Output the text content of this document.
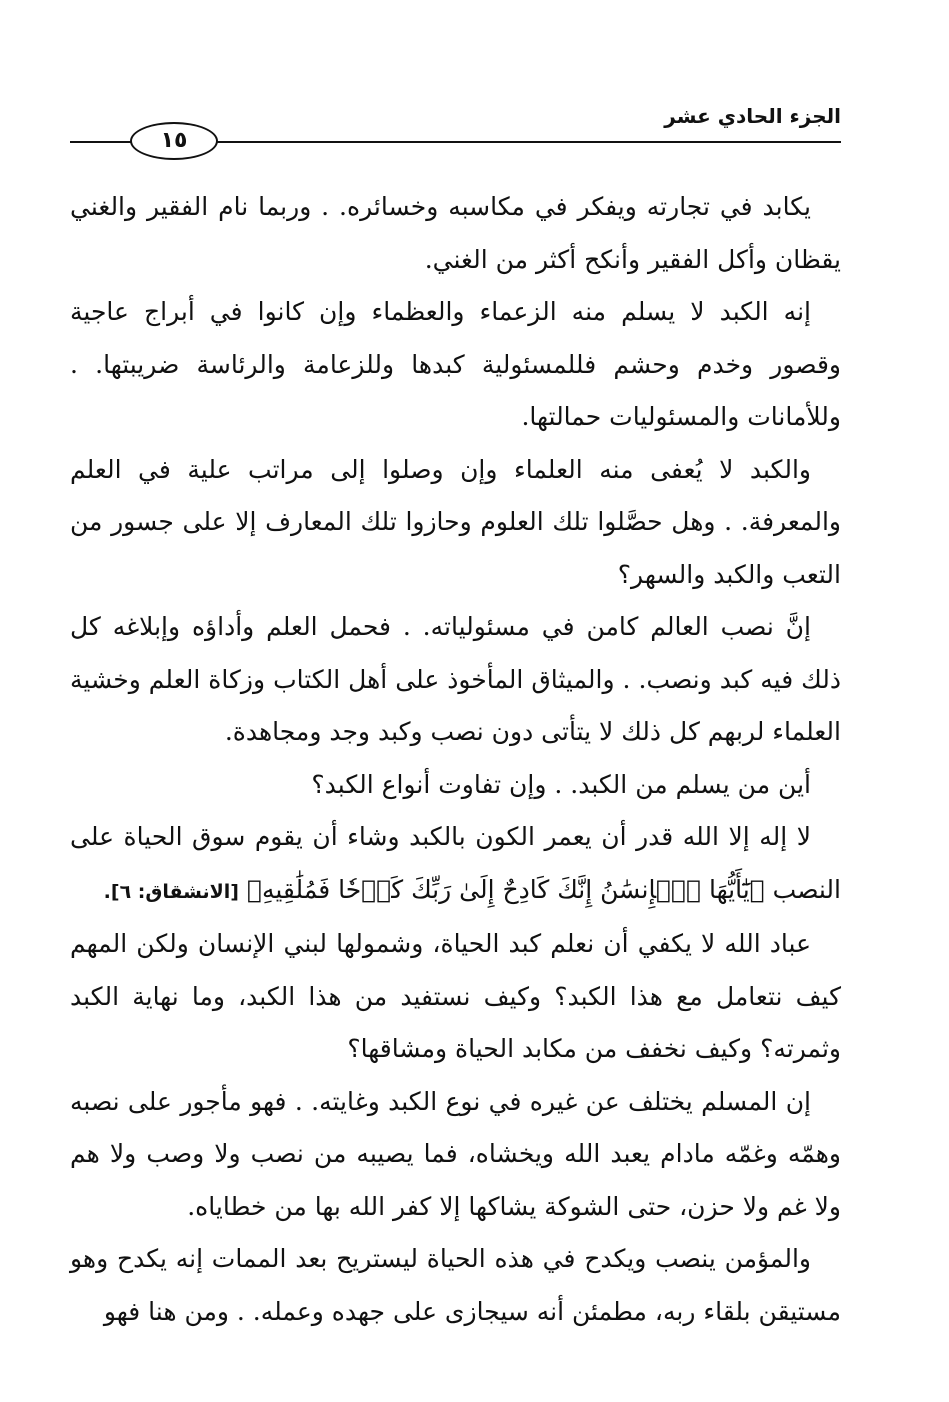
الجزء الحادي عشر
١٥

يكابد في تجارته ويفكر في مكاسبه وخسائره. . وربما نام الفقير والغني يقظان وأكل الفقير وأنكح أكثر من الغني.

إنه الكبد لا يسلم منه الزعماء والعظماء وإن كانوا في أبراج عاجية وقصور وخدم وحشم فللمسئولية كبدها وللزعامة والرئاسة ضريبتها. . وللأمانات والمسئوليات حمالتها.

والكبد لا يُعفى منه العلماء وإن وصلوا إلى مراتب علية في العلم والمعرفة. . وهل حصَّلوا تلك العلوم وحازوا تلك المعارف إلا على جسور من التعب والكبد والسهر؟

إنَّ نصب العالم كامن في مسئولياته. . فحمل العلم وأداؤه وإبلاغه كل ذلك فيه كبد ونصب. . والميثاق المأخوذ على أهل الكتاب وزكاة العلم وخشية العلماء لربهم كل ذلك لا يتأتى دون نصب وكبد وجد ومجاهدة.

أين من يسلم من الكبد. . وإن تفاوت أنواع الكبد؟

لا إله إلا الله قدر أن يعمر الكون بالكبد وشاء أن يقوم سوق الحياة على النصب ﴿يَٰٓأَيُّهَا ٱلۡإِنسَٰنُ إِنَّكَ كَادِحٌ إِلَىٰ رَبِّكَ كَدۡحٗا فَمُلَٰقِيهِ﴾ [الانشقاق: ٦].

عباد الله لا يكفي أن نعلم كبد الحياة، وشمولها لبني الإنسان ولكن المهم كيف نتعامل مع هذا الكبد؟ وكيف نستفيد من هذا الكبد، وما نهاية الكبد وثمرته؟ وكيف نخفف من مكابد الحياة ومشاقها؟

إن المسلم يختلف عن غيره في نوع الكبد وغايته. . فهو مأجور على نصبه وهمّه وغمّه مادام يعبد الله ويخشاه، فما يصيبه من نصب ولا وصب ولا هم ولا غم ولا حزن، حتى الشوكة يشاكها إلا كفر الله بها من خطاياه.

والمؤمن ينصب ويكدح في هذه الحياة ليستريح بعد الممات إنه يكدح وهو مستيقن بلقاء ربه، مطمئن أنه سيجازى على جهده وعمله. . ومن هنا فهو
